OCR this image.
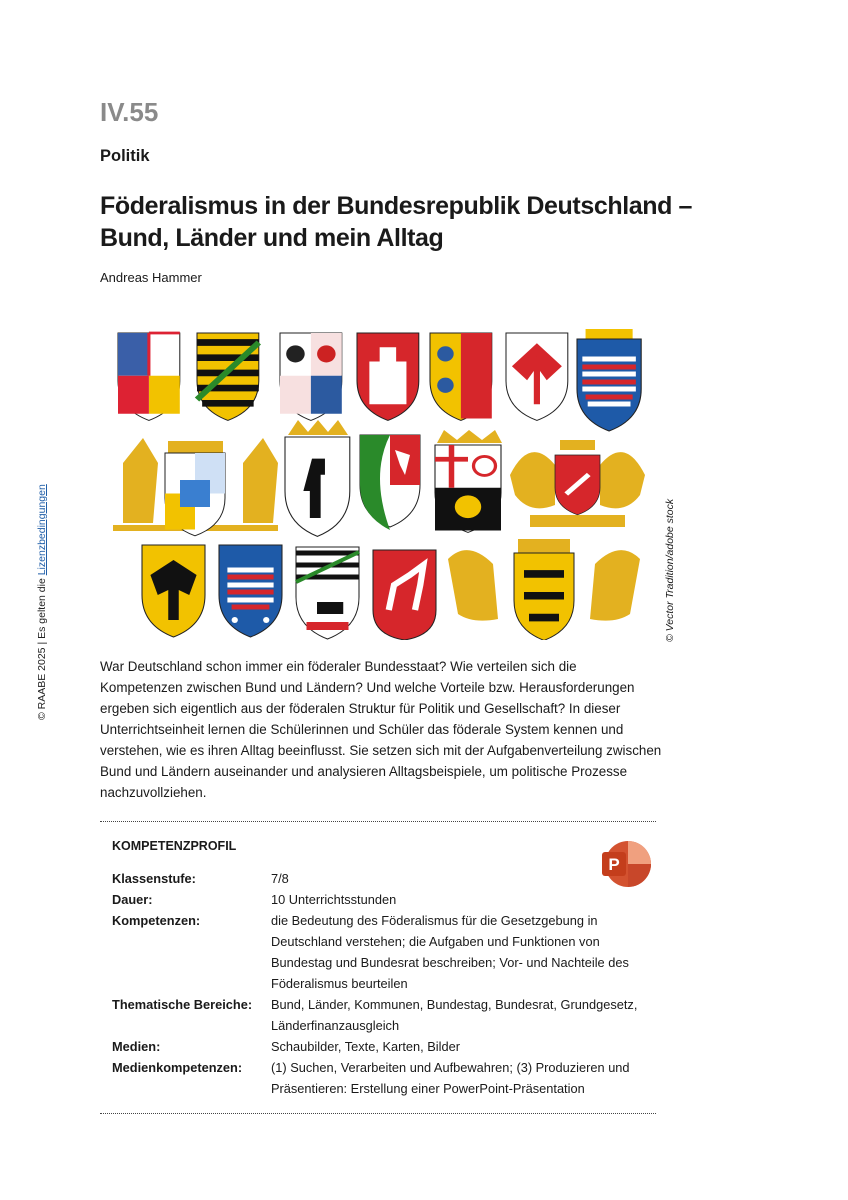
IV.55
Politik
Föderalismus in der Bundesrepublik Deutschland –
Bund, Länder und mein Alltag
Andreas Hammer
© RAABE 2025 | Es gelten die Lizenzbedingungen	© Vector Tradition/adobe stock
War Deutschland schon immer ein föderaler Bundesstaat? Wie verteilen sich die Kompetenzen zwischen Bund und Ländern? Und welche Vorteile bzw. Herausforderungen ergeben sich eigentlich aus der föderalen Struktur für Politik und Gesellschaft? In dieser Unterrichtseinheit lernen die Schülerinnen und Schüler das föderale System kennen und verstehen, wie es ihren Alltag beeinflusst. Sie setzen sich mit der Aufgabenverteilung zwischen Bund und Ländern auseinander und analysieren Alltagsbeispiele, um politische Prozesse nachzuvollziehen.
KOMPETENZPROFIL
P
Klassenstufe:	7/8
Dauer:	10 Unterrichtsstunden
Kompetenzen:	die Bedeutung des Föderalismus für die Gesetzgebung in Deutschland verstehen; die Aufgaben und Funktionen von Bundestag und Bundesrat beschreiben; Vor- und Nachteile des Föderalismus beurteilen
Thematische Bereiche:	Bund, Länder, Kommunen, Bundestag, Bundesrat, Grundgesetz, Länderfinanzausgleich
Medien:	Schaubilder, Texte, Karten, Bilder
Medienkompetenzen:	(1) Suchen, Verarbeiten und Aufbewahren; (3) Produzieren und Präsentieren: Erstellung einer PowerPoint-Präsentation
